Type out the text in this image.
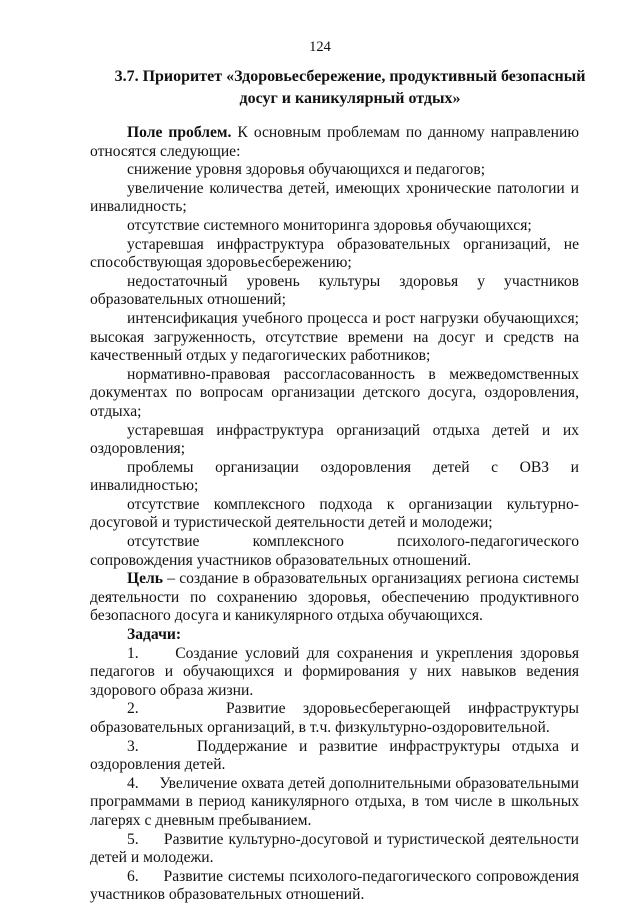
124
3.7. Приоритет «Здоровьесбережение, продуктивный безопасный
досуг и каникулярный отдых»

Поле проблем. К основным проблемам по данному направлению относятся следующие:

снижение уровня здоровья обучающихся и педагогов;

увеличение количества детей, имеющих хронические патологии и инвалидность;

отсутствие системного мониторинга здоровья обучающихся;

устаревшая инфраструктура образовательных организаций, не способствующая здоровьесбережению;

недостаточный уровень культуры здоровья у участников образовательных отношений;

интенсификация учебного процесса и рост нагрузки обучающихся; высокая загруженность, отсутствие времени на досуг и средств на качественный отдых у педагогических работников;

нормативно-правовая рассогласованность в межведомственных документах по вопросам организации детского досуга, оздоровления, отдыха;

устаревшая инфраструктура организаций отдыха детей и их оздоровления;

проблемы организации оздоровления детей с ОВЗ и инвалидностью;

отсутствие комплексного подхода к организации культурно-досуговой и туристической деятельности детей и молодежи;

отсутствие комплексного психолого-педагогического сопровождения участников образовательных отношений.

Цель – создание в образовательных организациях региона системы деятельности по сохранению здоровья, обеспечению продуктивного безопасного досуга и каникулярного отдыха обучающихся.

Задачи:

1.     Создание условий для сохранения и укрепления здоровья педагогов и обучающихся и формирования у них навыков ведения здорового образа жизни.

2.     Развитие здоровьесберегающей инфраструктуры образовательных организаций, в т.ч. физкультурно-оздоровительной.

3.     Поддержание и развитие инфраструктуры отдыха и оздоровления детей.

4.     Увеличение охвата детей дополнительными образовательными программами в период каникулярного отдыха, в том числе в школьных лагерях с дневным пребыванием.

5.     Развитие культурно-досуговой и туристической деятельности детей и молодежи.

6.     Развитие системы психолого-педагогического сопровождения участников образовательных отношений.
